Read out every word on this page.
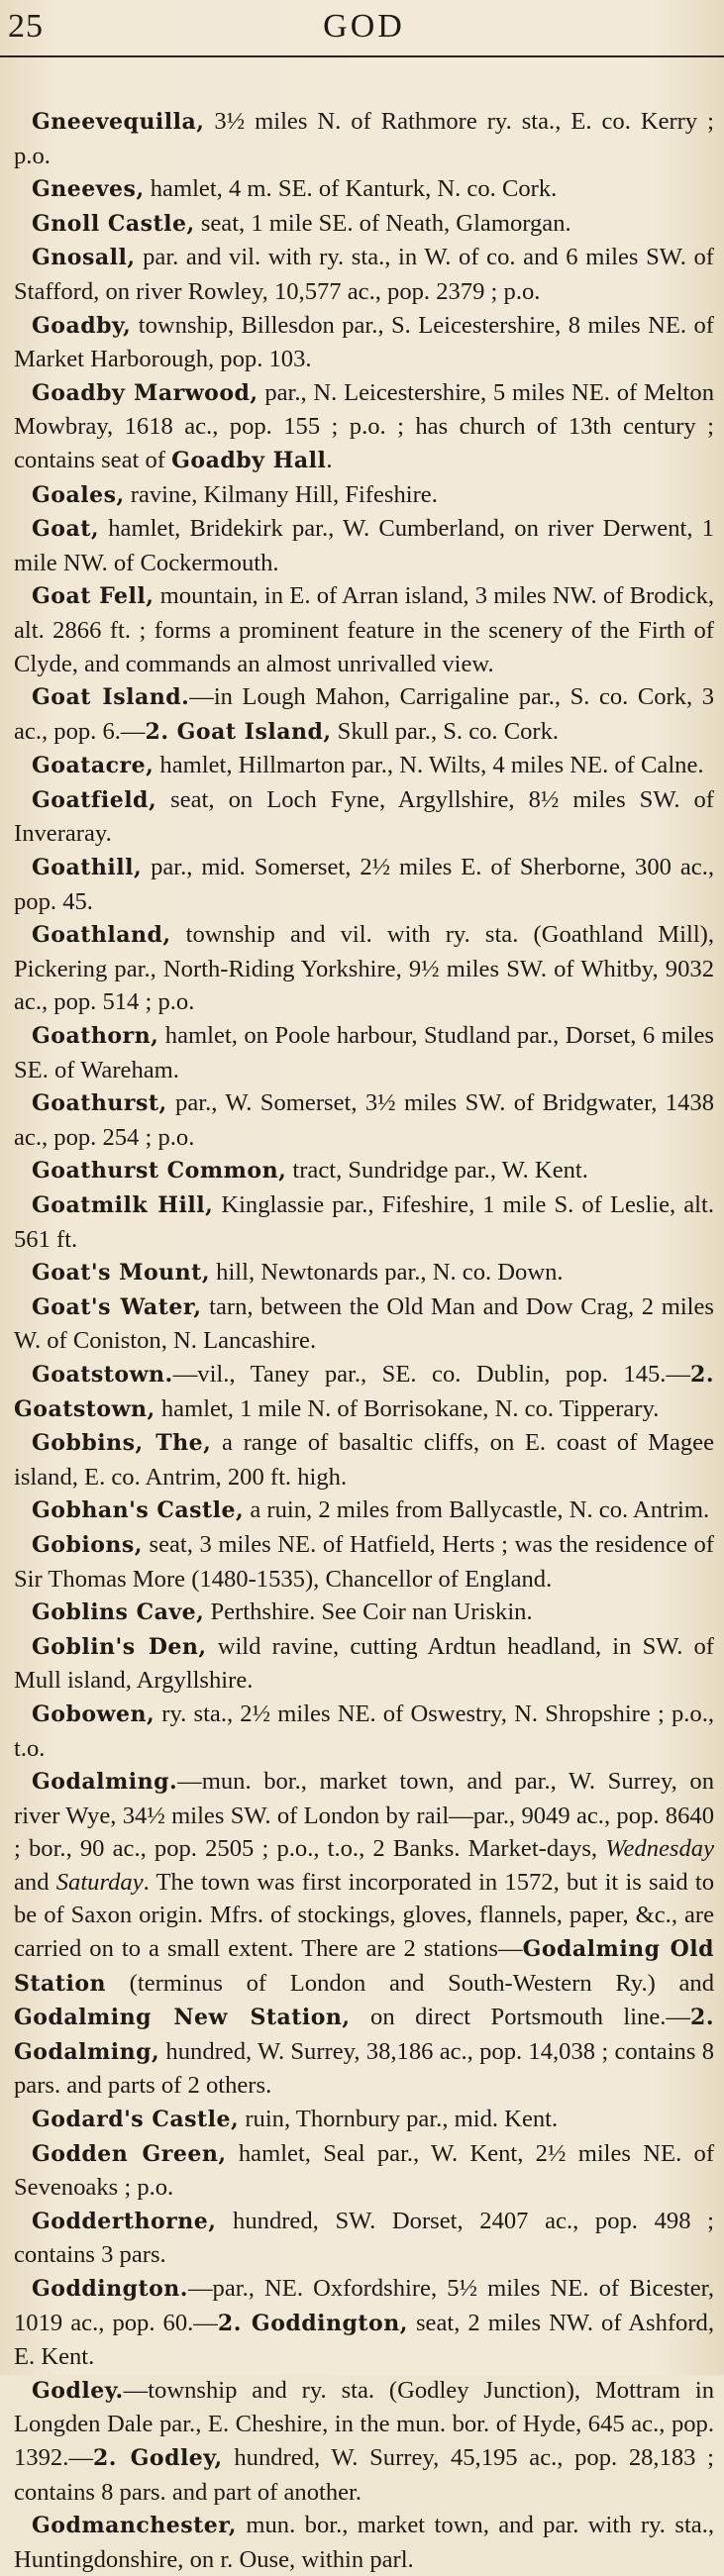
25	GOD

Gneevequilla, 3½ miles N. of Rathmore ry. sta., E. co. Kerry ; p.o.

Gneeves, hamlet, 4 m. SE. of Kanturk, N. co. Cork.

Gnoll Castle, seat, 1 mile SE. of Neath, Glamorgan.

Gnosall, par. and vil. with ry. sta., in W. of co. and 6 miles SW. of Stafford, on river Rowley, 10,577 ac., pop. 2379 ; p.o.

Goadby, township, Billesdon par., S. Leicestershire, 8 miles NE. of Market Harborough, pop. 103.

Goadby Marwood, par., N. Leicestershire, 5 miles NE. of Melton Mowbray, 1618 ac., pop. 155 ; p.o. ; has church of 13th century ; contains seat of Goadby Hall.

Goales, ravine, Kilmany Hill, Fifeshire.

Goat, hamlet, Bridekirk par., W. Cumberland, on river Derwent, 1 mile NW. of Cockermouth.

Goat Fell, mountain, in E. of Arran island, 3 miles NW. of Brodick, alt. 2866 ft. ; forms a prominent feature in the scenery of the Firth of Clyde, and commands an almost unrivalled view.

Goat Island.—in Lough Mahon, Carrigaline par., S. co. Cork, 3 ac., pop. 6.—2. Goat Island, Skull par., S. co. Cork.

Goatacre, hamlet, Hillmarton par., N. Wilts, 4 miles NE. of Calne.

Goatfield, seat, on Loch Fyne, Argyllshire, 8½ miles SW. of Inveraray.

Goathill, par., mid. Somerset, 2½ miles E. of Sherborne, 300 ac., pop. 45.

Goathland, township and vil. with ry. sta. (Goathland Mill), Pickering par., North-Riding Yorkshire, 9½ miles SW. of Whitby, 9032 ac., pop. 514 ; p.o.

Goathorn, hamlet, on Poole harbour, Studland par., Dorset, 6 miles SE. of Wareham.

Goathurst, par., W. Somerset, 3½ miles SW. of Bridgwater, 1438 ac., pop. 254 ; p.o.

Goathurst Common, tract, Sundridge par., W. Kent.

Goatmilk Hill, Kinglassie par., Fifeshire, 1 mile S. of Leslie, alt. 561 ft.

Goat's Mount, hill, Newtonards par., N. co. Down.

Goat's Water, tarn, between the Old Man and Dow Crag, 2 miles W. of Coniston, N. Lancashire.

Goatstown.—vil., Taney par., SE. co. Dublin, pop. 145.—2. Goatstown, hamlet, 1 mile N. of Borrisokane, N. co. Tipperary.

Gobbins, The, a range of basaltic cliffs, on E. coast of Magee island, E. co. Antrim, 200 ft. high.

Gobhan's Castle, a ruin, 2 miles from Ballycastle, N. co. Antrim.

Gobions, seat, 3 miles NE. of Hatfield, Herts ; was the residence of Sir Thomas More (1480-1535), Chancellor of England.

Goblins Cave, Perthshire. See Coir nan Uriskin.

Goblin's Den, wild ravine, cutting Ardtun headland, in SW. of Mull island, Argyllshire.

Gobowen, ry. sta., 2½ miles NE. of Oswestry, N. Shropshire ; p.o., t.o.

Godalming.—mun. bor., market town, and par., W. Surrey, on river Wye, 34½ miles SW. of London by rail—par., 9049 ac., pop. 8640 ; bor., 90 ac., pop. 2505 ; p.o., t.o., 2 Banks. Market-days, Wednesday and Saturday. The town was first incorporated in 1572, but it is said to be of Saxon origin. Mfrs. of stockings, gloves, flannels, paper, &c., are carried on to a small extent. There are 2 stations—Godalming Old Station (terminus of London and South-Western Ry.) and Godalming New Station, on direct Portsmouth line.—2. Godalming, hundred, W. Surrey, 38,186 ac., pop. 14,038 ; contains 8 pars. and parts of 2 others.

Godard's Castle, ruin, Thornbury par., mid. Kent.

Godden Green, hamlet, Seal par., W. Kent, 2½ miles NE. of Sevenoaks ; p.o.

Godderthorne, hundred, SW. Dorset, 2407 ac., pop. 498 ; contains 3 pars.

Goddington.—par., NE. Oxfordshire, 5½ miles NE. of Bicester, 1019 ac., pop. 60.—2. Goddington, seat, 2 miles NW. of Ashford, E. Kent.

Godley.—township and ry. sta. (Godley Junction), Mottram in Longden Dale par., E. Cheshire, in the mun. bor. of Hyde, 645 ac., pop. 1392.—2. Godley, hundred, W. Surrey, 45,195 ac., pop. 28,183 ; contains 8 pars. and part of another.

Godmanchester, mun. bor., market town, and par. with ry. sta., Huntingdonshire, on r. Ouse, within parl.
